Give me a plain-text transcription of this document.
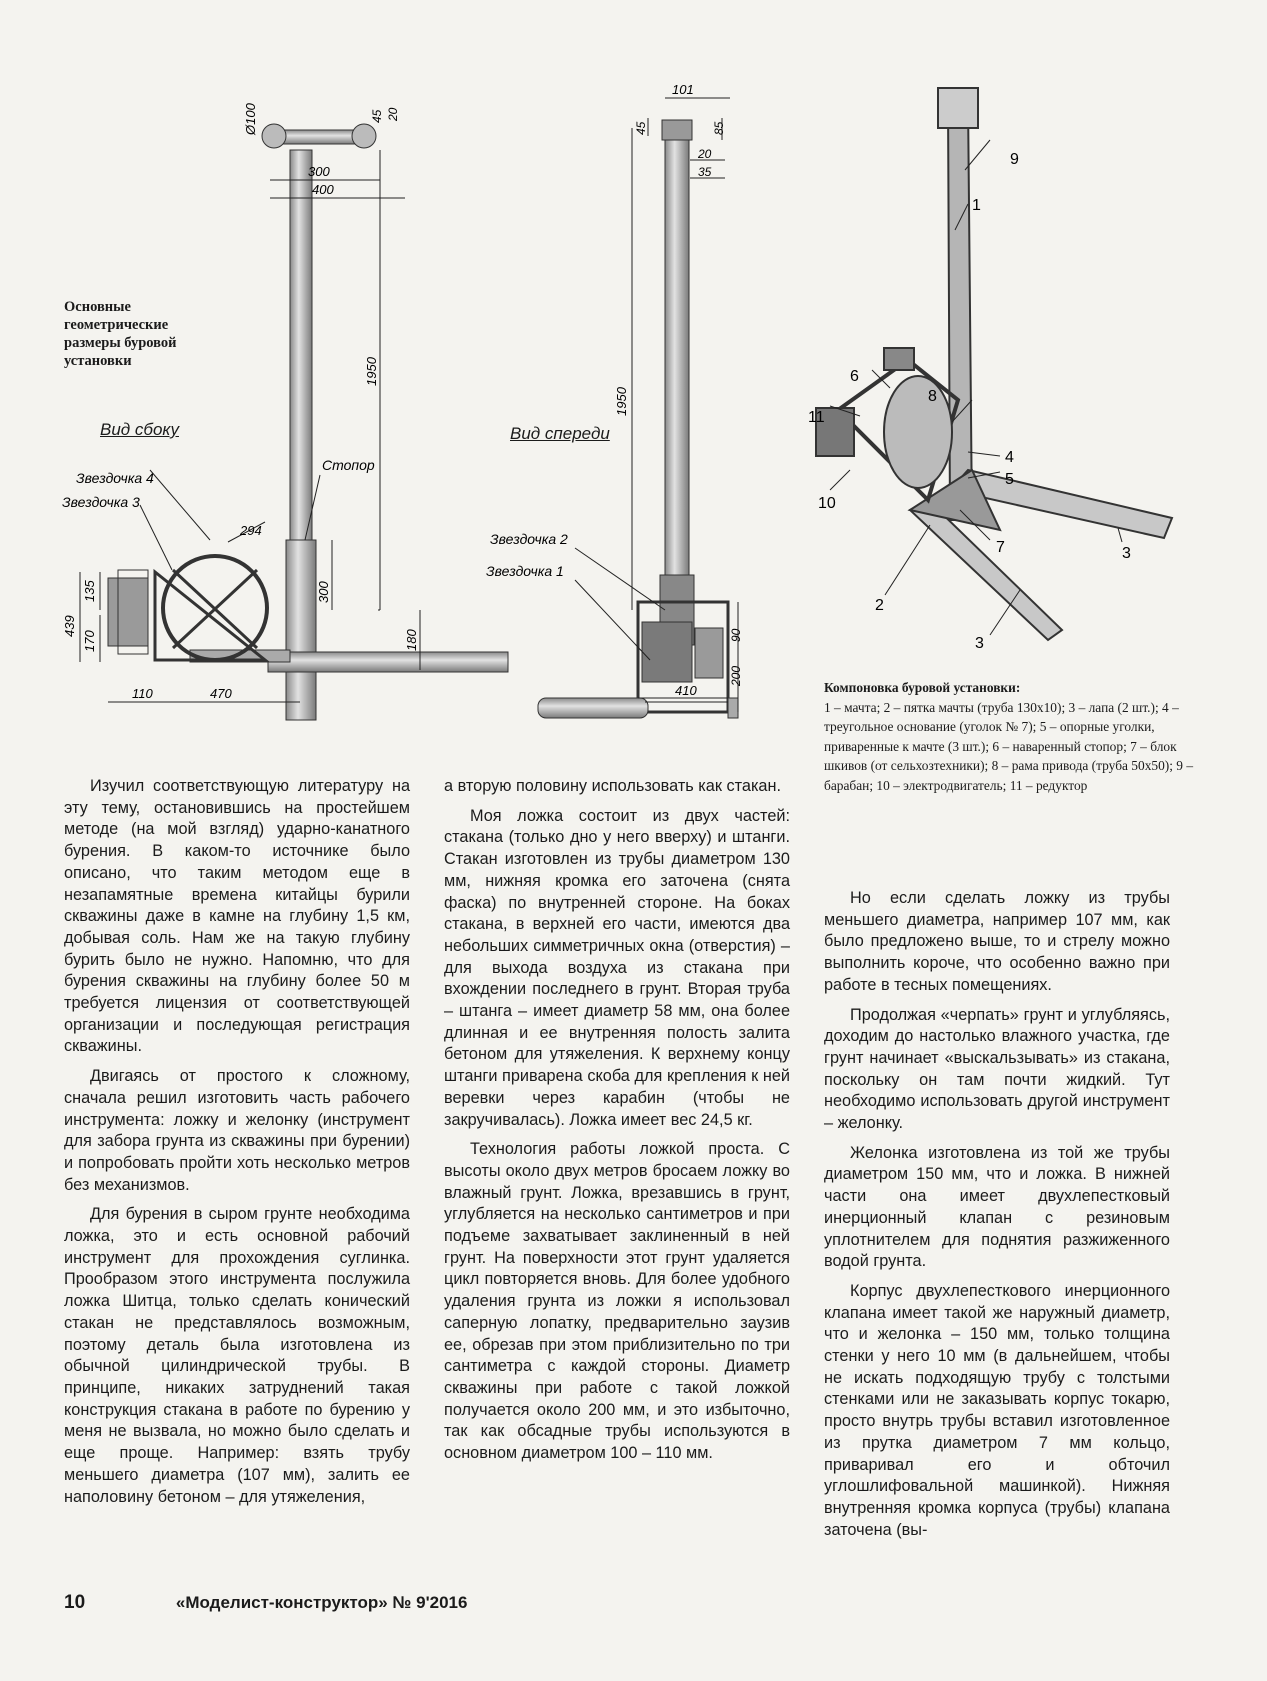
Ø100	45 20
300
400
1950
Стопор
294
300
180
439
135
170
110	470
Звездочка 4
Звездочка 3
Основные геометрические размеры буровой установки
Вид сбоку
101
45	85
20
35
1950
90
200
410
Звездочка 2
Звездочка 1
Вид спереди
9
1
6
8
11
4
5
10
7	3
2
3
Компоновка буровой установки:
1 – мачта; 2 – пятка мачты (труба 130х10); 3 – лапа (2 шт.); 4 – треугольное основание (уголок № 7); 5 – опорные уголки, приваренные к мачте (3 шт.); 6 – наваренный стопор; 7 – блок шкивов (от сельхозтехники); 8 – рама привода (труба 50х50); 9 – барабан; 10 – электродвигатель; 11 – редуктор

Изучил соответствующую литературу на эту тему, остановившись на простейшем методе (на мой взгляд) ударно-канатного бурения. В каком-то источнике было описано, что таким методом еще в незапамятные времена китайцы бурили скважины даже в камне на глубину 1,5 км, добывая соль. Нам же на такую глубину бурить было не нужно. Напомню, что для бурения скважины на глубину более 50 м требуется лицензия от соответствующей организации и последующая регистрация скважины.

Двигаясь от простого к сложному, сначала решил изготовить часть рабочего инструмента: ложку и желонку (инструмент для забора грунта из скважины при бурении) и попробовать пройти хоть несколько метров без механизмов.

Для бурения в сыром грунте необходима ложка, это и есть основной рабочий инструмент для прохождения суглинка. Прообразом этого инструмента послужила ложка Шитца, только сделать конический стакан не представлялось возможным, поэтому деталь была изготовлена из обычной цилиндрической трубы. В принципе, никаких затруднений такая конструкция стакана в работе по бурению у меня не вызвала, но можно было сделать и еще проще. Например: взять трубу меньшего диаметра (107 мм), залить ее наполовину бетоном – для утяжеления,

а вторую половину использовать как стакан.

Моя ложка состоит из двух частей: стакана (только дно у него вверху) и штанги. Стакан изготовлен из трубы диаметром 130 мм, нижняя кромка его заточена (снята фаска) по внутренней стороне. На боках стакана, в верхней его части, имеются два небольших симметричных окна (отверстия) – для выхода воздуха из стакана при вхождении последнего в грунт. Вторая труба – штанга – имеет диаметр 58 мм, она более длинная и ее внутренняя полость залита бетоном для утяжеления. К верхнему концу штанги приварена скоба для крепления к ней веревки через карабин (чтобы не закручивалась). Ложка имеет вес 24,5 кг.

Технология работы ложкой проста. С высоты около двух метров бросаем ложку во влажный грунт. Ложка, врезавшись в грунт, углубляется на несколько сантиметров и при подъеме захватывает заклиненный в ней грунт. На поверхности этот грунт удаляется цикл повторяется вновь. Для более удобного удаления грунта из ложки я использовал саперную лопатку, предварительно заузив ее, обрезав при этом приблизительно по три сантиметра с каждой стороны. Диаметр скважины при работе с такой ложкой получается около 200 мм, и это избыточно, так как обсадные трубы используются в основном диаметром 100 – 110 мм.

Но если сделать ложку из трубы меньшего диаметра, например 107 мм, как было предложено выше, то и стрелу можно выполнить короче, что особенно важно при работе в тесных помещениях.

Продолжая «черпать» грунт и углубляясь, доходим до настолько влажного участка, где грунт начинает «выскальзывать» из стакана, поскольку он там почти жидкий. Тут необходимо использовать другой инструмент – желонку.

Желонка изготовлена из той же трубы диаметром 150 мм, что и ложка. В нижней части она имеет двухлепестковый инерционный клапан с резиновым уплотнителем для поднятия разжиженного водой грунта.

Корпус двухлепесткового инерционного клапана имеет такой же наружный диаметр, что и желонка – 150 мм, только толщина стенки у него 10 мм (в дальнейшем, чтобы не искать подходящую трубу с толстыми стенками или не заказывать корпус токарю, просто внутрь трубы вставил изготовленное из прутка диаметром 7 мм кольцо, приваривал его и обточил углошлифовальной машинкой). Нижняя внутренняя кромка корпуса (трубы) клапана заточена (вы-

10	«Моделист-конструктор» № 9'2016
